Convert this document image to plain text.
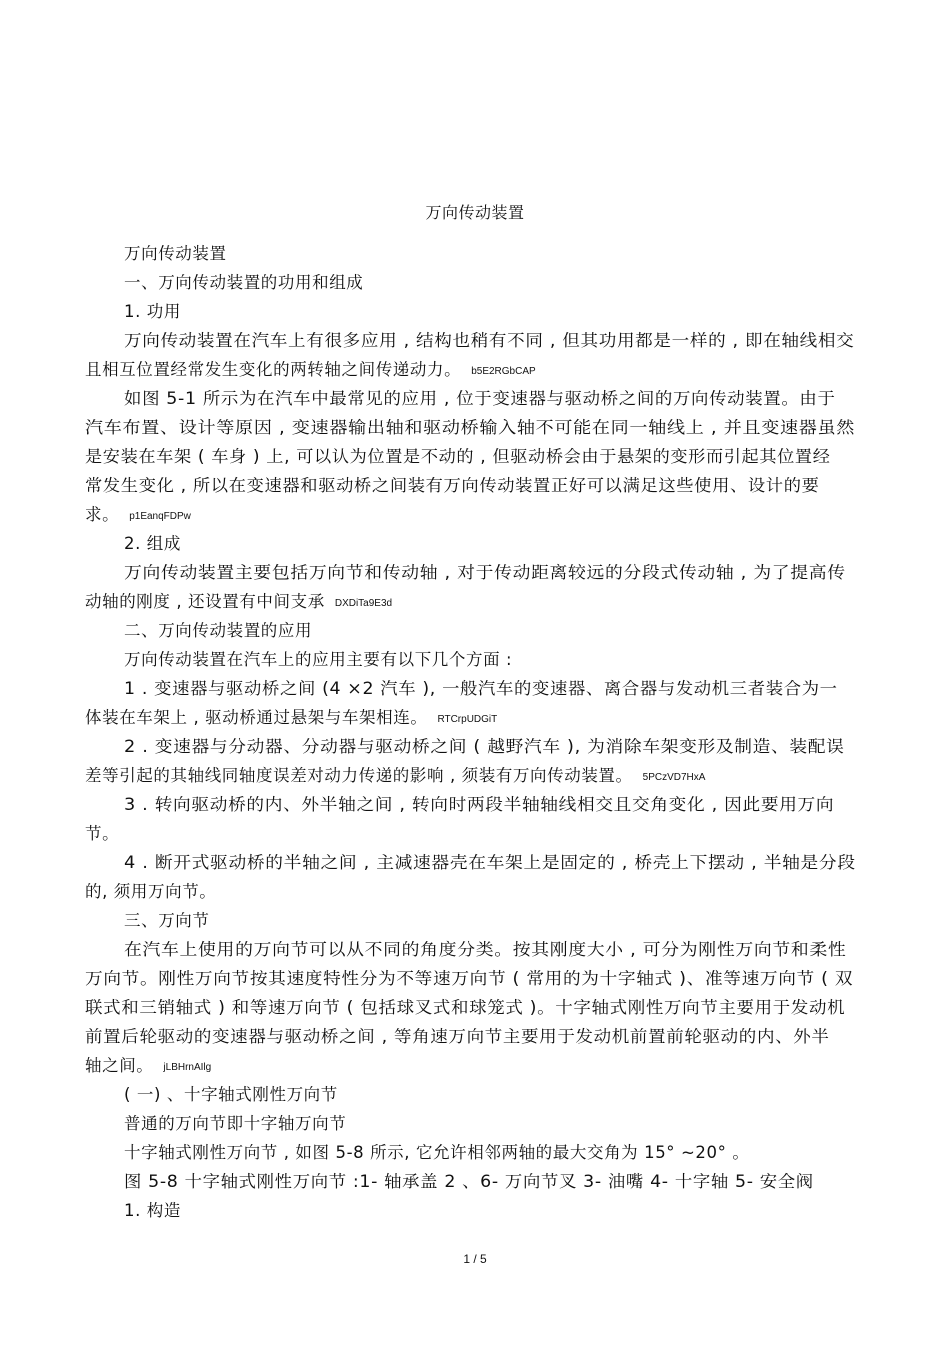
万向传动装置
万向传动装置
一、万向传动装置的功用和组成
1. 功用
万向传动装置在汽车上有很多应用 , 结构也稍有不同 , 但其功用都是一样的 , 即在轴线相交
且相互位置经常发生变化的两转轴之间传递动力。 b5E2RGbCAP
如图 5-1 所示为在汽车中最常见的应用 , 位于变速器与驱动桥之间的万向传动装置。由于
汽车布置、设计等原因 , 变速器输出轴和驱动桥输入轴不可能在同一轴线上 , 并且变速器虽然
是安装在车架 ( 车身 ) 上, 可以认为位置是不动的 , 但驱动桥会由于悬架的变形而引起其位置经
常发生变化 , 所以在变速器和驱动桥之间装有万向传动装置正好可以满足这些使用、设计的要
求。 p1EanqFDPw
2. 组成
万向传动装置主要包括万向节和传动轴 , 对于传动距离较远的分段式传动轴 , 为了提高传
动轴的刚度 , 还设置有中间支承 DXDiTa9E3d
二、万向传动装置的应用
万向传动装置在汽车上的应用主要有以下几个方面 :
1 . 变速器与驱动桥之间 (4 ×2 汽车 ), 一般汽车的变速器、离合器与发动机三者装合为一
体装在车架上 , 驱动桥通过悬架与车架相连。 RTCrpUDGiT
2 . 变速器与分动器、分动器与驱动桥之间 ( 越野汽车 ), 为消除车架变形及制造、装配误
差等引起的其轴线同轴度误差对动力传递的影响 , 须装有万向传动装置。 5PCzVD7HxA
3 . 转向驱动桥的内、外半轴之间 , 转向时两段半轴轴线相交且交角变化 , 因此要用万向
节。
4 . 断开式驱动桥的半轴之间 , 主减速器壳在车架上是固定的 , 桥壳上下摆动 , 半轴是分段
的, 须用万向节。
三、万向节
在汽车上使用的万向节可以从不同的角度分类。按其刚度大小 , 可分为刚性万向节和柔性
万向节。刚性万向节按其速度特性分为不等速万向节 ( 常用的为十字轴式 )、准等速万向节 ( 双
联式和三销轴式 ) 和等速万向节 ( 包括球叉式和球笼式 )。十字轴式刚性万向节主要用于发动机
前置后轮驱动的变速器与驱动桥之间 , 等角速万向节主要用于发动机前置前轮驱动的内、外半
轴之间。 jLBHrnAIlg
( 一) 、十字轴式刚性万向节
普通的万向节即十字轴万向节
十字轴式刚性万向节 , 如图 5-8 所示, 它允许相邻两轴的最大交角为 15° ~20° 。
图 5-8 十字轴式刚性万向节 :1- 轴承盖 2 、6- 万向节叉 3- 油嘴 4- 十字轴 5- 安全阀
1. 构造
1 / 5
